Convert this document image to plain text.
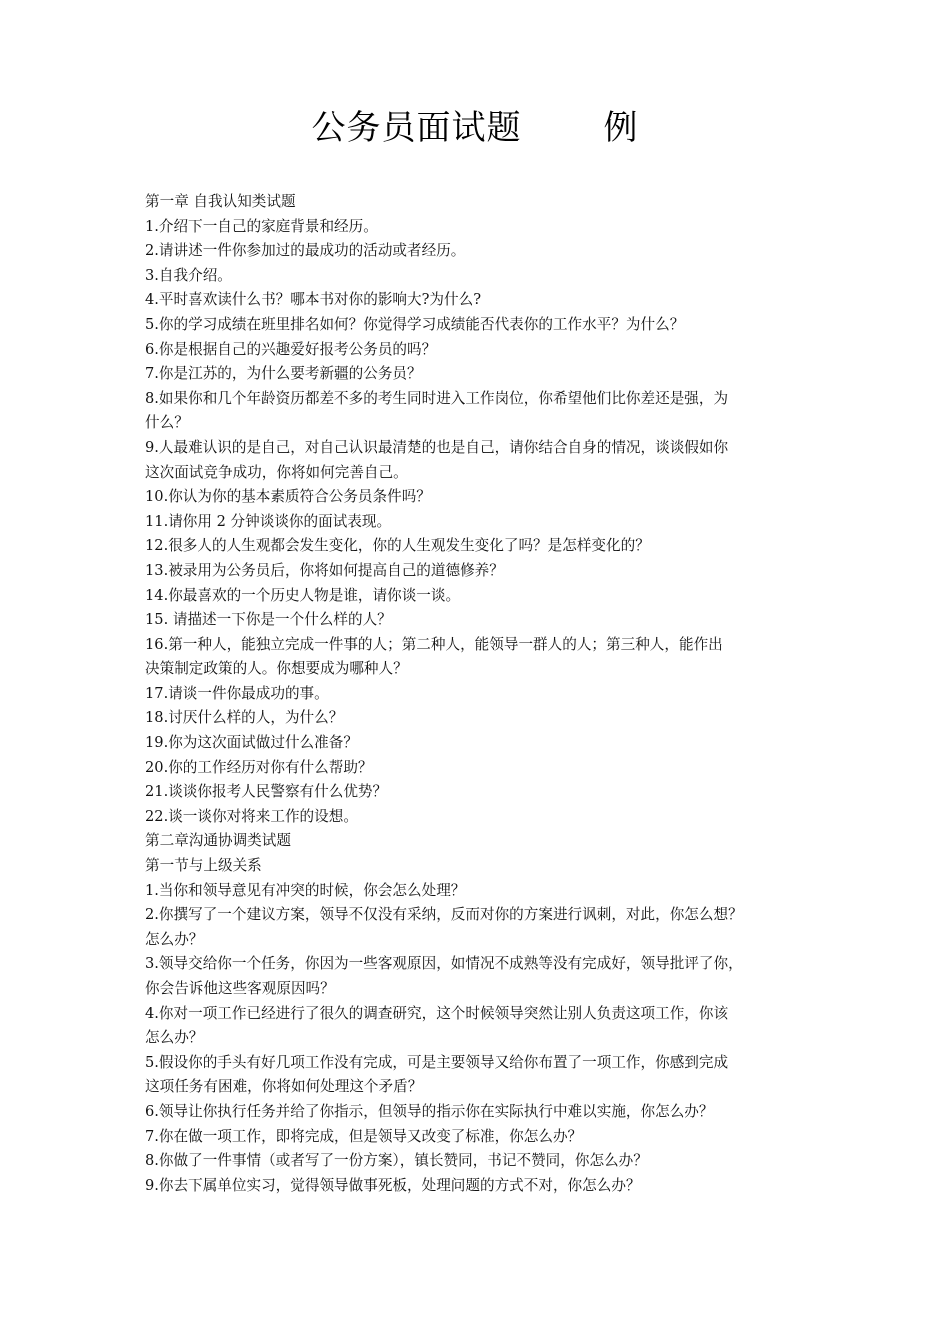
公务员面试题 例
第一章 自我认知类试题
1.介绍下一自己的家庭背景和经历。
2.请讲述一件你参加过的最成功的活动或者经历。
3.自我介绍。
4.平时喜欢读什么书？哪本书对你的影响大?为什么?
5.你的学习成绩在班里排名如何？你觉得学习成绩能否代表你的工作水平？为什么？
6.你是根据自己的兴趣爱好报考公务员的吗？
7.你是江苏的，为什么要考新疆的公务员？
8.如果你和几个年龄资历都差不多的考生同时进入工作岗位，你希望他们比你差还是强，为
什么？
9.人最难认识的是自己，对自己认识最清楚的也是自己，请你结合自身的情况，谈谈假如你
这次面试竞争成功，你将如何完善自己。
10.你认为你的基本素质符合公务员条件吗？
11.请你用 2 分钟谈谈你的面试表现。
12.很多人的人生观都会发生变化，你的人生观发生变化了吗？是怎样变化的？
13.被录用为公务员后，你将如何提高自己的道德修养？
14.你最喜欢的一个历史人物是谁，请你谈一谈。
15. 请描述一下你是一个什么样的人？
16.第一种人，能独立完成一件事的人；第二种人，能领导一群人的人；第三种人，能作出
决策制定政策的人。你想要成为哪种人？
17.请谈一件你最成功的事。
18.讨厌什么样的人，为什么？
19.你为这次面试做过什么准备？
20.你的工作经历对你有什么帮助？
21.谈谈你报考人民警察有什么优势？
22.谈一谈你对将来工作的设想。
第二章沟通协调类试题
第一节与上级关系
1.当你和领导意见有冲突的时候，你会怎么处理？
2.你撰写了一个建议方案，领导不仅没有采纳，反而对你的方案进行讽刺，对此，你怎么想？
怎么办？
3.领导交给你一个任务，你因为一些客观原因，如情况不成熟等没有完成好，领导批评了你，
你会告诉他这些客观原因吗？
4.你对一项工作已经进行了很久的调查研究，这个时候领导突然让别人负责这项工作，你该
怎么办？
5.假设你的手头有好几项工作没有完成，可是主要领导又给你布置了一项工作，你感到完成
这项任务有困难，你将如何处理这个矛盾？
6.领导让你执行任务并给了你指示，但领导的指示你在实际执行中难以实施，你怎么办？
7.你在做一项工作，即将完成，但是领导又改变了标准，你怎么办？
8.你做了一件事情（或者写了一份方案），镇长赞同，书记不赞同，你怎么办？
9.你去下属单位实习，觉得领导做事死板，处理问题的方式不对，你怎么办？
